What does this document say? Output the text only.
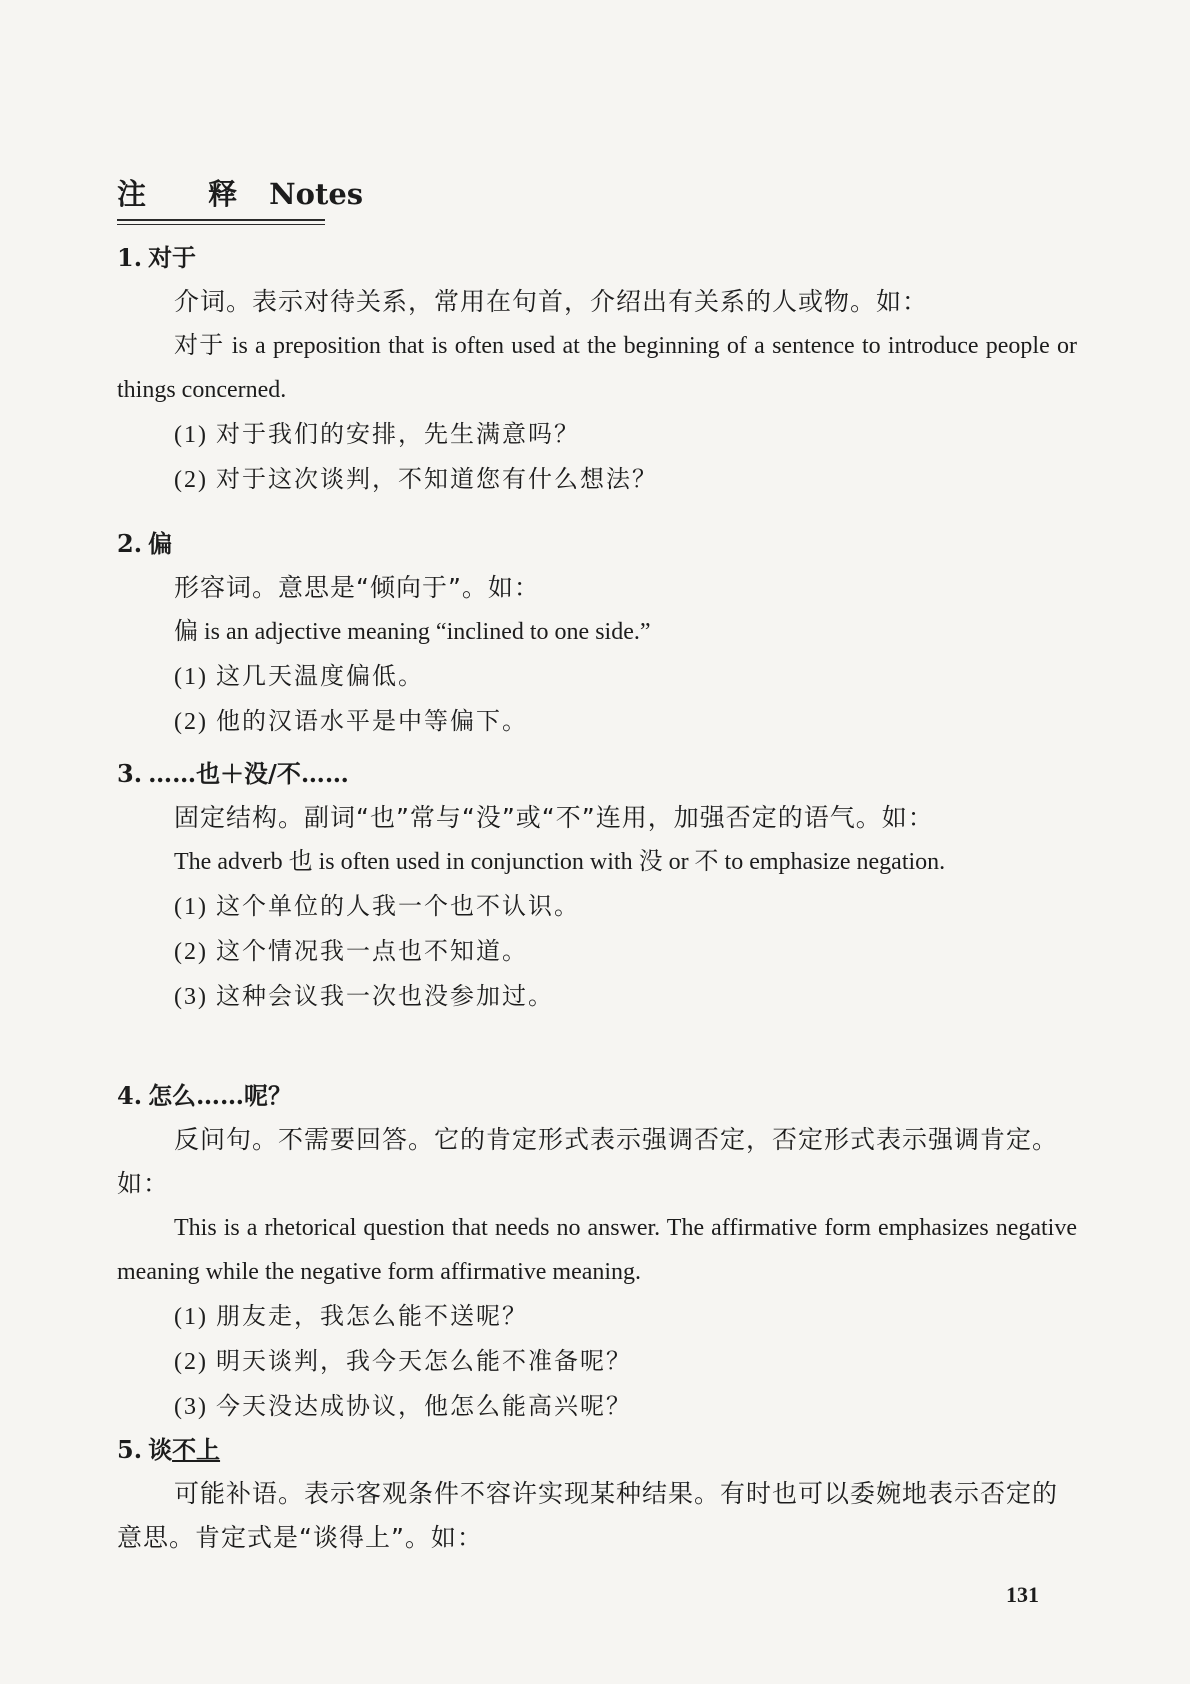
注 释 Notes
1. 对于

介词。表示对待关系，常用在句首，介绍出有关系的人或物。如：

对于 is a preposition that is often used at the beginning of a sentence to introduce people or things concerned.

(1) 对于我们的安排，先生满意吗？

(2) 对于这次谈判，不知道您有什么想法？

2. 偏

形容词。意思是“倾向于”。如：

偏 is an adjective meaning “inclined to one side.”

(1) 这几天温度偏低。

(2) 他的汉语水平是中等偏下。

3. ……也＋没/不……

固定结构。副词“也”常与“没”或“不”连用，加强否定的语气。如：

The adverb 也 is often used in conjunction with 没 or 不 to emphasize negation.

(1) 这个单位的人我一个也不认识。

(2) 这个情况我一点也不知道。

(3) 这种会议我一次也没参加过。

4. 怎么……呢？

反问句。不需要回答。它的肯定形式表示强调否定，否定形式表示强调肯定。如：

This is a rhetorical question that needs no answer. The affirmative form emphasizes negative meaning while the negative form affirmative meaning.

(1) 朋友走，我怎么能不送呢？

(2) 明天谈判，我今天怎么能不准备呢？

(3) 今天没达成协议，他怎么能高兴呢？

5. 谈不上

可能补语。表示客观条件不容许实现某种结果。有时也可以委婉地表示否定的意思。肯定式是“谈得上”。如：

131
